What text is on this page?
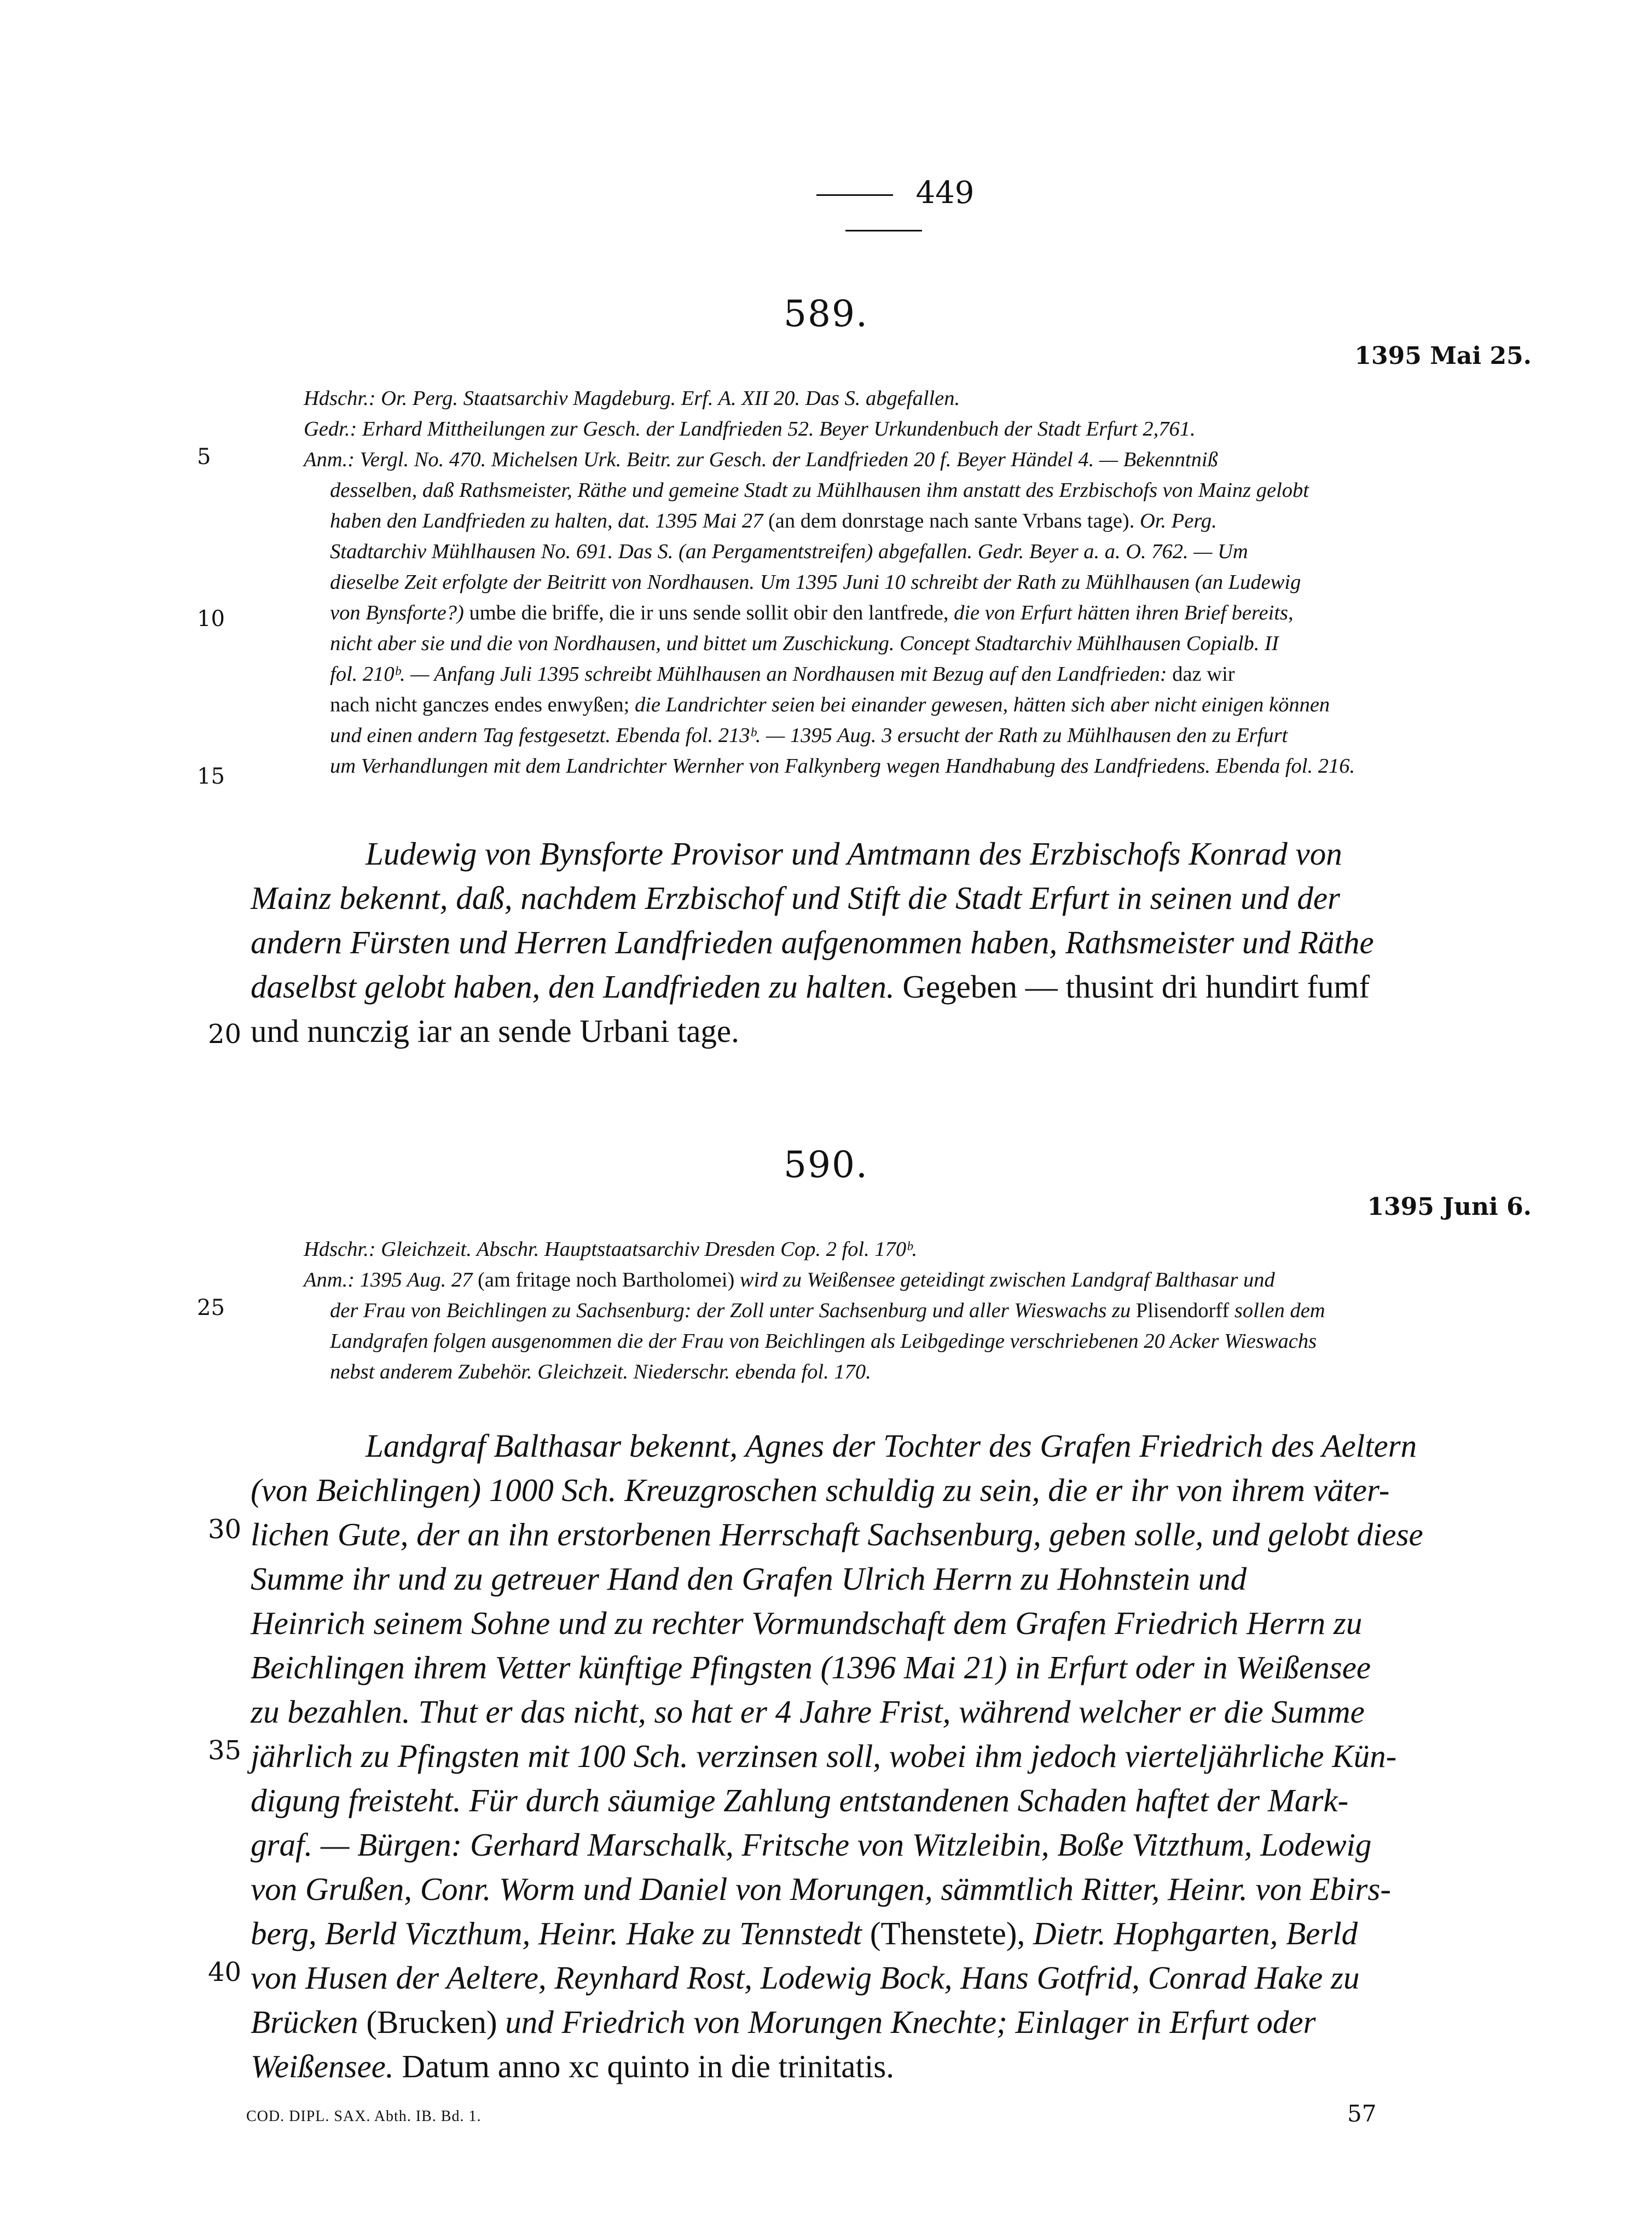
449
589.
1395 Mai 25.
Hdschr.: Or. Perg. Staatsarchiv Magdeburg. Erf. A. XII 20. Das S. abgefallen.
Gedr.: Erhard Mittheilungen zur Gesch. der Landfrieden 52. Beyer Urkundenbuch der Stadt Erfurt 2,761.
Anm.: Vergl. No. 470. Michelsen Urk. Beitr. zur Gesch. der Landfrieden 20 f. Beyer Händel 4. — Bekenntniß
desselben, daß Rathsmeister, Räthe und gemeine Stadt zu Mühlhausen ihm anstatt des Erzbischofs von Mainz gelobt
haben den Landfrieden zu halten, dat. 1395 Mai 27 (an dem donrstage nach sante Vrbans tage). Or. Perg.
Stadtarchiv Mühlhausen No. 691. Das S. (an Pergamentstreifen) abgefallen. Gedr. Beyer a. a. O. 762. — Um
dieselbe Zeit erfolgte der Beitritt von Nordhausen. Um 1395 Juni 10 schreibt der Rath zu Mühlhausen (an Ludewig
von Bynsforte?) umbe die briffe, die ir uns sende sollit obir den lantfrede, die von Erfurt hätten ihren Brief bereits,
nicht aber sie und die von Nordhausen, und bittet um Zuschickung. Concept Stadtarchiv Mühlhausen Copialb. II
fol. 210ᵇ. — Anfang Juli 1395 schreibt Mühlhausen an Nordhausen mit Bezug auf den Landfrieden: daz wir
nach nicht ganczes endes enwyßen; die Landrichter seien bei einander gewesen, hätten sich aber nicht einigen können
und einen andern Tag festgesetzt. Ebenda fol. 213ᵇ. — 1395 Aug. 3 ersucht der Rath zu Mühlhausen den zu Erfurt
um Verhandlungen mit dem Landrichter Wernher von Falkynberg wegen Handhabung des Landfriedens. Ebenda fol. 216.
Ludewig von Bynsforte Provisor und Amtmann des Erzbischofs Konrad von
Mainz bekennt, daß, nachdem Erzbischof und Stift die Stadt Erfurt in seinen und der
andern Fürsten und Herren Landfrieden aufgenommen haben, Rathsmeister und Räthe
daselbst gelobt haben, den Landfrieden zu halten. Gegeben — thusint dri hundirt fumf
und nunczig iar an sende Urbani tage.
590.
1395 Juni 6.
Hdschr.: Gleichzeit. Abschr. Hauptstaatsarchiv Dresden Cop. 2 fol. 170ᵇ.
Anm.: 1395 Aug. 27 (am fritage noch Bartholomei) wird zu Weißensee geteidingt zwischen Landgraf Balthasar und
der Frau von Beichlingen zu Sachsenburg: der Zoll unter Sachsenburg und aller Wieswachs zu Plisendorff sollen dem
Landgrafen folgen ausgenommen die der Frau von Beichlingen als Leibgedinge verschriebenen 20 Acker Wieswachs
nebst anderem Zubehör. Gleichzeit. Niederschr. ebenda fol. 170.
Landgraf Balthasar bekennt, Agnes der Tochter des Grafen Friedrich des Aeltern
(von Beichlingen) 1000 Sch. Kreuzgroschen schuldig zu sein, die er ihr von ihrem väter-
lichen Gute, der an ihn erstorbenen Herrschaft Sachsenburg, geben solle, und gelobt diese
Summe ihr und zu getreuer Hand den Grafen Ulrich Herrn zu Hohnstein und
Heinrich seinem Sohne und zu rechter Vormundschaft dem Grafen Friedrich Herrn zu
Beichlingen ihrem Vetter künftige Pfingsten (1396 Mai 21) in Erfurt oder in Weißensee
zu bezahlen. Thut er das nicht, so hat er 4 Jahre Frist, während welcher er die Summe
jährlich zu Pfingsten mit 100 Sch. verzinsen soll, wobei ihm jedoch vierteljährliche Kün-
digung freisteht. Für durch säumige Zahlung entstandenen Schaden haftet der Mark-
graf. — Bürgen: Gerhard Marschalk, Fritsche von Witzleibin, Boße Vitzthum, Lodewig
von Grußen, Conr. Worm und Daniel von Morungen, sämmtlich Ritter, Heinr. von Ebirs-
berg, Berld Viczthum, Heinr. Hake zu Tennstedt (Thenstete), Dietr. Hophgarten, Berld
von Husen der Aeltere, Reynhard Rost, Lodewig Bock, Hans Gotfrid, Conrad Hake zu
Brücken (Brucken) und Friedrich von Morungen Knechte; Einlager in Erfurt oder
Weißensee. Datum anno xc quinto in die trinitatis.
5
10
15
20
25
30
35
40
COD. DIPL. SAX. Abth. IB. Bd. 1.	57
